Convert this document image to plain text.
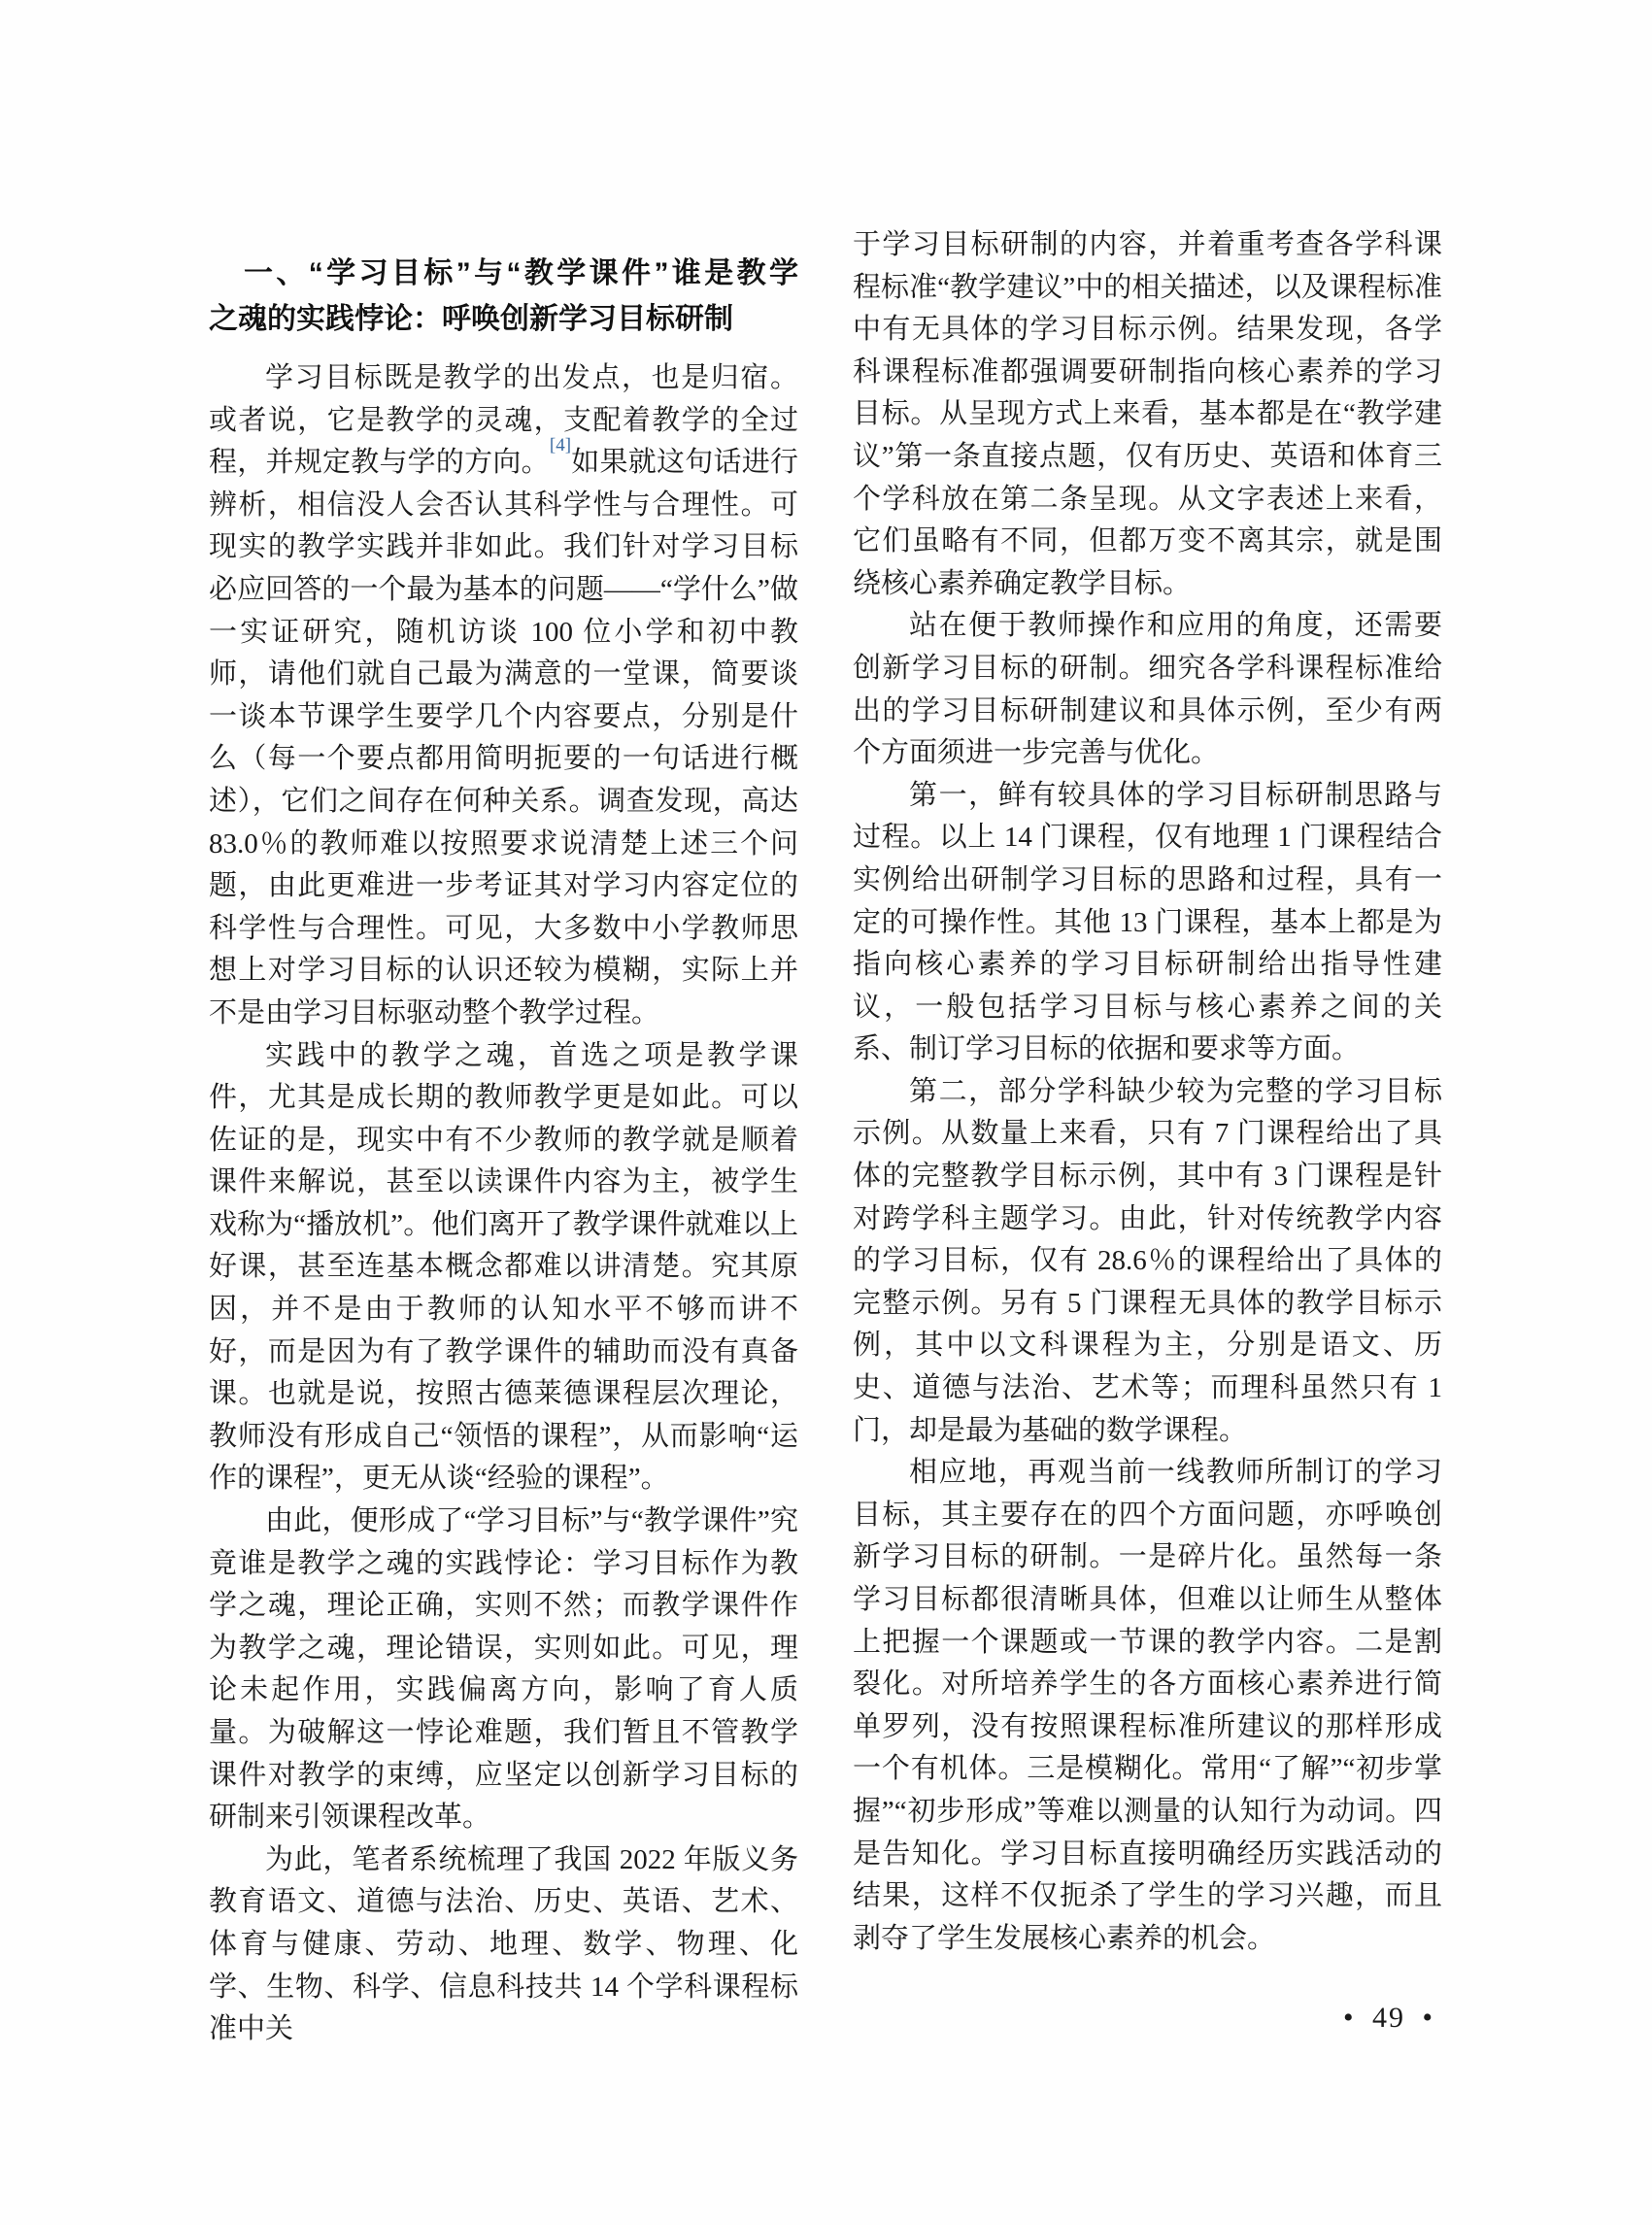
一、“学习目标”与“教学课件”谁是教学
之魂的实践悖论：呼唤创新学习目标研制

学习目标既是教学的出发点，也是归宿。或者说，它是教学的灵魂，支配着教学的全过程，并规定教与学的方向。[4]如果就这句话进行辨析，相信没人会否认其科学性与合理性。可现实的教学实践并非如此。我们针对学习目标必应回答的一个最为基本的问题——“学什么”做一实证研究，随机访谈 100 位小学和初中教师，请他们就自己最为满意的一堂课，简要谈一谈本节课学生要学几个内容要点，分别是什么（每一个要点都用简明扼要的一句话进行概述），它们之间存在何种关系。调查发现，高达 83.0％的教师难以按照要求说清楚上述三个问题，由此更难进一步考证其对学习内容定位的科学性与合理性。可见，大多数中小学教师思想上对学习目标的认识还较为模糊，实际上并不是由学习目标驱动整个教学过程。

实践中的教学之魂，首选之项是教学课件，尤其是成长期的教师教学更是如此。可以佐证的是，现实中有不少教师的教学就是顺着课件来解说，甚至以读课件内容为主，被学生戏称为“播放机”。他们离开了教学课件就难以上好课，甚至连基本概念都难以讲清楚。究其原因，并不是由于教师的认知水平不够而讲不好，而是因为有了教学课件的辅助而没有真备课。也就是说，按照古德莱德课程层次理论，教师没有形成自己“领悟的课程”，从而影响“运作的课程”，更无从谈“经验的课程”。

由此，便形成了“学习目标”与“教学课件”究竟谁是教学之魂的实践悖论：学习目标作为教学之魂，理论正确，实则不然；而教学课件作为教学之魂，理论错误，实则如此。可见，理论未起作用，实践偏离方向，影响了育人质量。为破解这一悖论难题，我们暂且不管教学课件对教学的束缚，应坚定以创新学习目标的研制来引领课程改革。

为此，笔者系统梳理了我国 2022 年版义务教育语文、道德与法治、历史、英语、艺术、体育与健康、劳动、地理、数学、物理、化学、生物、科学、信息科技共 14 个学科课程标准中关

于学习目标研制的内容，并着重考查各学科课程标准“教学建议”中的相关描述，以及课程标准中有无具体的学习目标示例。结果发现，各学科课程标准都强调要研制指向核心素养的学习目标。从呈现方式上来看，基本都是在“教学建议”第一条直接点题，仅有历史、英语和体育三个学科放在第二条呈现。从文字表述上来看，它们虽略有不同，但都万变不离其宗，就是围绕核心素养确定教学目标。

站在便于教师操作和应用的角度，还需要创新学习目标的研制。细究各学科课程标准给出的学习目标研制建议和具体示例，至少有两个方面须进一步完善与优化。

第一，鲜有较具体的学习目标研制思路与过程。以上 14 门课程，仅有地理 1 门课程结合实例给出研制学习目标的思路和过程，具有一定的可操作性。其他 13 门课程，基本上都是为指向核心素养的学习目标研制给出指导性建议，一般包括学习目标与核心素养之间的关系、制订学习目标的依据和要求等方面。

第二，部分学科缺少较为完整的学习目标示例。从数量上来看，只有 7 门课程给出了具体的完整教学目标示例，其中有 3 门课程是针对跨学科主题学习。由此，针对传统教学内容的学习目标，仅有 28.6％的课程给出了具体的完整示例。另有 5 门课程无具体的教学目标示例，其中以文科课程为主，分别是语文、历史、道德与法治、艺术等；而理科虽然只有 1 门，却是最为基础的数学课程。

相应地，再观当前一线教师所制订的学习目标，其主要存在的四个方面问题，亦呼唤创新学习目标的研制。一是碎片化。虽然每一条学习目标都很清晰具体，但难以让师生从整体上把握一个课题或一节课的教学内容。二是割裂化。对所培养学生的各方面核心素养进行简单罗列，没有按照课程标准所建议的那样形成一个有机体。三是模糊化。常用“了解”“初步掌握”“初步形成”等难以测量的认知行为动词。四是告知化。学习目标直接明确经历实践活动的结果，这样不仅扼杀了学生的学习兴趣，而且剥夺了学生发展核心素养的机会。

• 49 •
